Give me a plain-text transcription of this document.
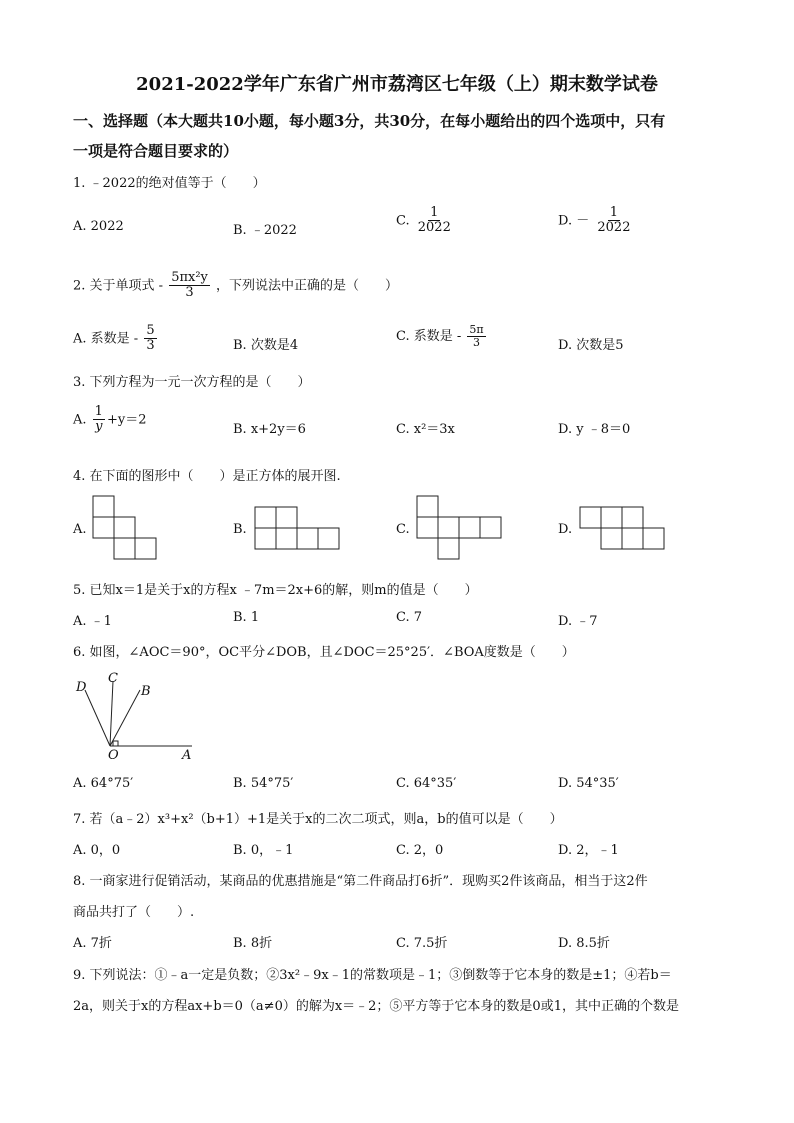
2021-2022学年广东省广州市荔湾区七年级（上）期末数学试卷
一、选择题（本大题共10小题，每小题3分，共30分，在每小题给出的四个选项中，只有
一项是符合题目要求的）
1. ﹣2022的绝对值等于（　　）
A. 2022	B. ﹣2022
C. $\frac{1}{2022}$	D. － $\frac{1}{2022}$
2. 关于单项式 - $\frac{\text{5πx²y}}{3}$ ，下列说法中正确的是（　　）
A. 系数是 - $\frac{5}{3}$	B. 次数是4
C. 系数是 - $\frac{5\pi}{3}$	D. 次数是5
3. 下列方程为一元一次方程的是（　　）
A. $\frac{1}{y} +y=2$
B. x+2y＝6	C. x²＝3x	D. y ﹣8＝0
4. 在下面的图形中（　　）是正方体的展开图.
A.	B.	C.	D.
5. 已知x＝1是关于x的方程x ﹣7m＝2x+6的解，则m的值是（　　）
A. ﹣1	B. 1	C. 7	D. ﹣7
6. 如图，∠AOC＝90°，OC平分∠DOB，且∠DOC＝25°25′．∠BOA度数是（　　）
D
C
B
O	A
A. 64°75′	B. 54°75′	C. 64°35′	D. 54°35′
7. 若（a﹣2）x³+x²（b+1）+1是关于x的二次二项式，则a，b的值可以是（　　）
A. 0，0	B. 0，﹣1	C. 2，0	D. 2，﹣1
8. 一商家进行促销活动，某商品的优惠措施是“第二件商品打6折”．现购买2件该商品，相当于这2件
商品共打了（　　）.
A. 7折	B. 8折	C. 7.5折	D. 8.5折
9. 下列说法：①﹣a一定是负数；②3x²﹣9x﹣1的常数项是﹣1；③倒数等于它本身的数是±1；④若b＝
2a，则关于x的方程ax+b＝0（a≠0）的解为x＝﹣2；⑤平方等于它本身的数是0或1，其中正确的个数是
